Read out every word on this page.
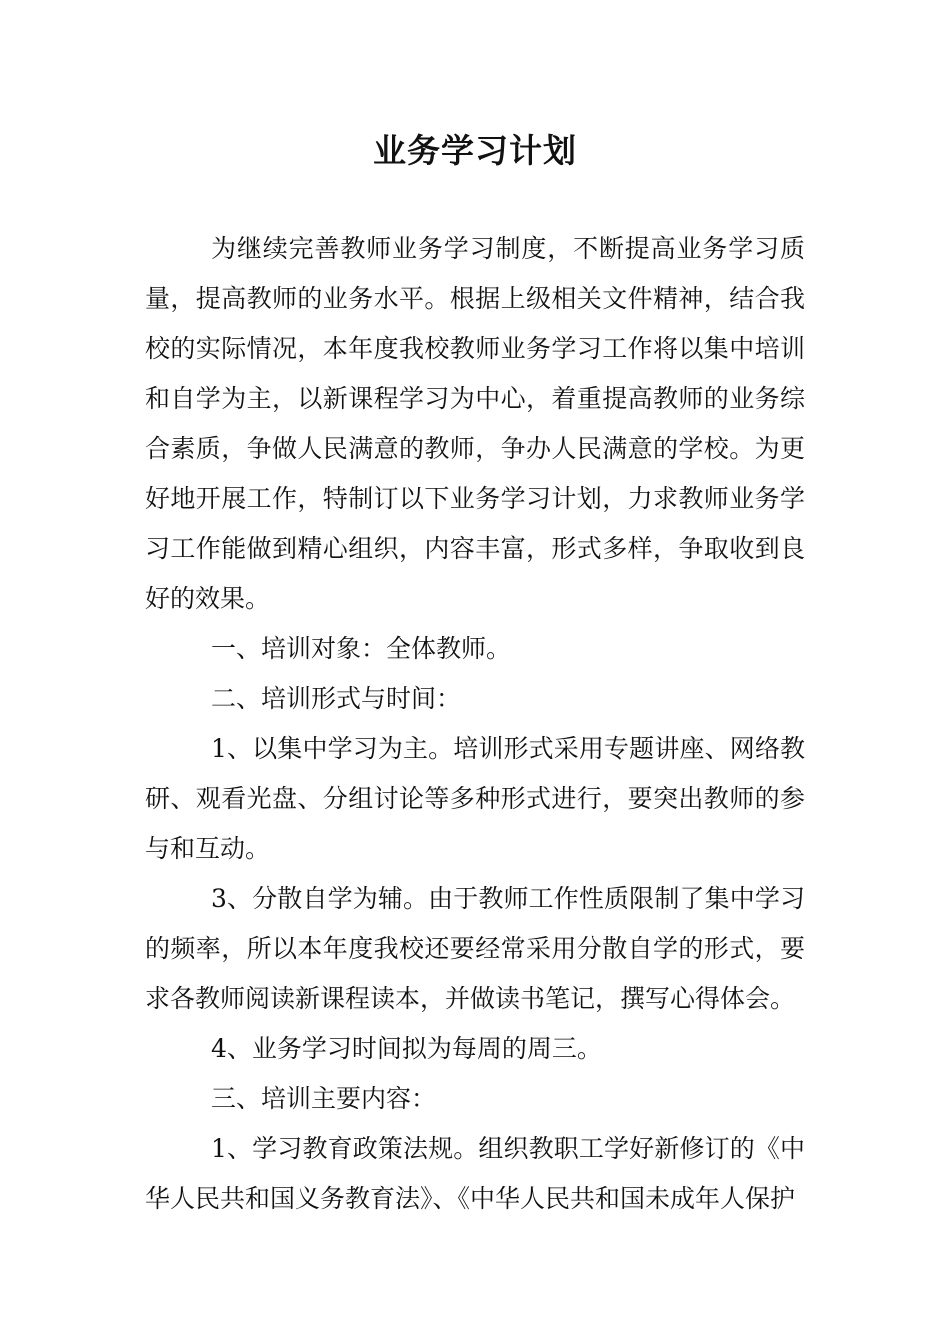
业务学习计划

为继续完善教师业务学习制度，不断提高业务学习质量，提高教师的业务水平。根据上级相关文件精神，结合我校的实际情况，本年度我校教师业务学习工作将以集中培训和自学为主，以新课程学习为中心，着重提高教师的业务综合素质，争做人民满意的教师，争办人民满意的学校。为更好地开展工作，特制订以下业务学习计划，力求教师业务学习工作能做到精心组织，内容丰富，形式多样，争取收到良好的效果。

一、培训对象：全体教师。

二、培训形式与时间：

1、以集中学习为主。培训形式采用专题讲座、网络教研、观看光盘、分组讨论等多种形式进行，要突出教师的参与和互动。

3、分散自学为辅。由于教师工作性质限制了集中学习的频率，所以本年度我校还要经常采用分散自学的形式，要求各教师阅读新课程读本，并做读书笔记，撰写心得体会。

4、业务学习时间拟为每周的周三。

三、培训主要内容：

1、学习教育政策法规。组织教职工学好新修订的《中华人民共和国义务教育法》、《中华人民共和国未成年人保护
